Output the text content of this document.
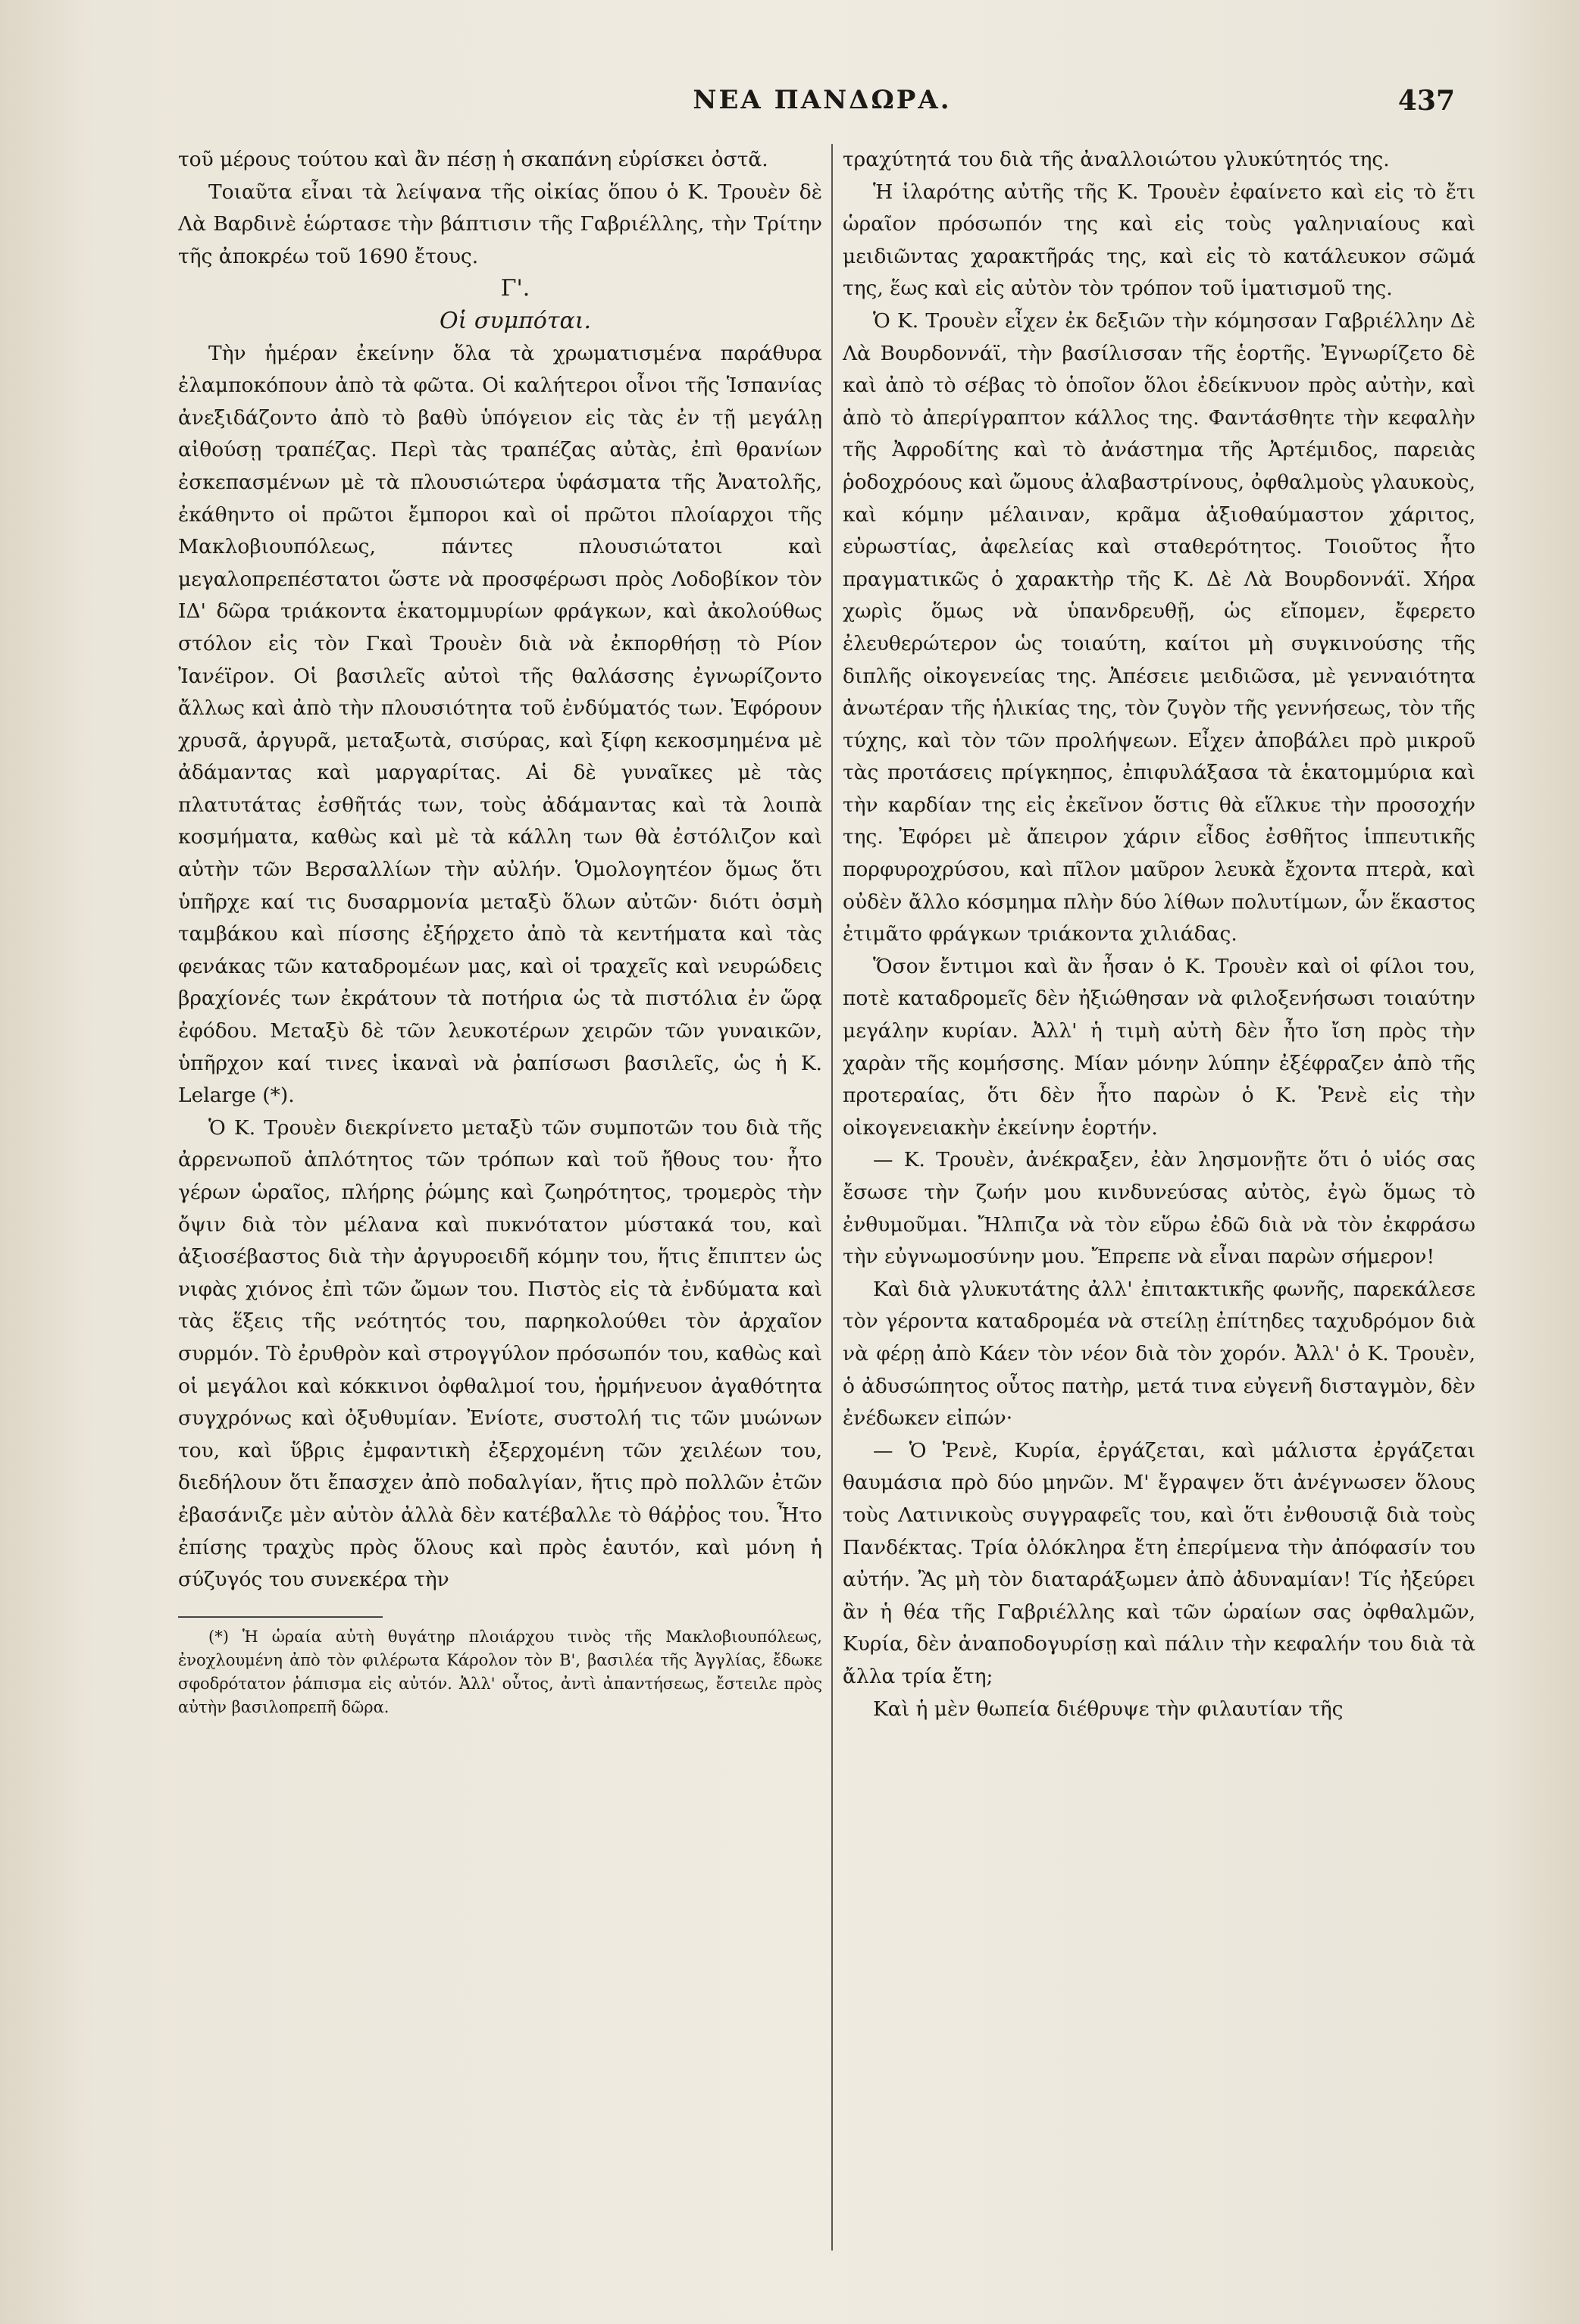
ΝΕΑ ΠΑΝΔΩΡΑ.	437

τοῦ μέρους τούτου καὶ ἂν πέσῃ ἡ σκαπάνη εὑρίσκει ὀστᾶ.

Τοιαῦτα εἶναι τὰ λείψανα τῆς οἰκίας ὅπου ὁ Κ. Τρουὲν δὲ Λὰ Βαρδινὲ ἑώρτασε τὴν βάπτισιν τῆς Γαβριέλλης, τὴν Τρίτην τῆς ἀποκρέω τοῦ 1690 ἔτους.

Γ'.

Οἱ συμπόται.

Τὴν ἡμέραν ἐκείνην ὅλα τὰ χρωματισμένα παράθυρα ἐλαμποκόπουν ἀπὸ τὰ φῶτα. Οἱ καλήτεροι οἶνοι τῆς Ἱσπανίας ἀνεξιδάζοντο ἀπὸ τὸ βαθὺ ὑπόγειον εἰς τὰς ἐν τῇ μεγάλῃ αἰθούσῃ τραπέζας. Περὶ τὰς τραπέζας αὐτὰς, ἐπὶ θρανίων ἐσκεπασμένων μὲ τὰ πλουσιώτερα ὑφάσματα τῆς Ἀνατολῆς, ἐκάθηντο οἱ πρῶτοι ἔμποροι καὶ οἱ πρῶτοι πλοίαρχοι τῆς Μακλοβιουπόλεως, πάντες πλουσιώτατοι καὶ μεγαλοπρεπέστατοι ὥστε νὰ προσφέρωσι πρὸς Λοδοβίκον τὸν ΙΔ' δῶρα τριάκοντα ἑκατομμυρίων φράγκων, καὶ ἀκολούθως στόλον εἰς τὸν Γκαὶ Τρουὲν διὰ νὰ ἐκπορθήσῃ τὸ Ρίον Ἰανέϊρον. Οἱ βασιλεῖς αὐτοὶ τῆς θαλάσσης ἐγνωρίζοντο ἄλλως καὶ ἀπὸ τὴν πλουσιότητα τοῦ ἐνδύματός των. Ἐφόρουν χρυσᾶ, ἀργυρᾶ, μεταξωτὰ, σισύρας, καὶ ξίφη κεκοσμημένα μὲ ἀδάμαντας καὶ μαργαρίτας. Αἱ δὲ γυναῖκες μὲ τὰς πλατυτάτας ἐσθῆτάς των, τοὺς ἀδάμαντας καὶ τὰ λοιπὰ κοσμήματα, καθὼς καὶ μὲ τὰ κάλλη των θὰ ἐστόλιζον καὶ αὐτὴν τῶν Βερσαλλίων τὴν αὐλήν. Ὁμολογητέον ὅμως ὅτι ὑπῆρχε καί τις δυσαρμονία μεταξὺ ὅλων αὐτῶν· διότι ὀσμὴ ταμβάκου καὶ πίσσης ἐξήρχετο ἀπὸ τὰ κεντήματα καὶ τὰς φενάκας τῶν καταδρομέων μας, καὶ οἱ τραχεῖς καὶ νευρώδεις βραχίονές των ἐκράτουν τὰ ποτήρια ὡς τὰ πιστόλια ἐν ὥρᾳ ἐφόδου. Μεταξὺ δὲ τῶν λευκοτέρων χειρῶν τῶν γυναικῶν, ὑπῆρχον καί τινες ἱκαναὶ νὰ ῥαπίσωσι βασιλεῖς, ὡς ἡ Κ. Lelarge (*).

Ὁ Κ. Τρουὲν διεκρίνετο μεταξὺ τῶν συμποτῶν του διὰ τῆς ἀρρενωποῦ ἁπλότητος τῶν τρόπων καὶ τοῦ ἤθους του· ἦτο γέρων ὡραῖος, πλήρης ῥώμης καὶ ζωηρότητος, τρομερὸς τὴν ὄψιν διὰ τὸν μέλανα καὶ πυκνότατον μύστακά του, καὶ ἀξιοσέβαστος διὰ τὴν ἀργυροειδῆ κόμην του, ἥτις ἔπιπτεν ὡς νιφὰς χιόνος ἐπὶ τῶν ὤμων του. Πιστὸς εἰς τὰ ἐνδύματα καὶ τὰς ἕξεις τῆς νεότητός του, παρηκολούθει τὸν ἀρχαῖον συρμόν. Τὸ ἐρυθρὸν καὶ στρογγύλον πρόσωπόν του, καθὼς καὶ οἱ μεγάλοι καὶ κόκκινοι ὀφθαλμοί του, ἡρμήνευον ἀγαθότητα συγχρόνως καὶ ὀξυθυμίαν. Ἐνίοτε, συστολή τις τῶν μυώνων του, καὶ ὕβρις ἐμφαντικὴ ἐξερχομένη τῶν χειλέων του, διεδήλουν ὅτι ἔπασχεν ἀπὸ ποδαλγίαν, ἥτις πρὸ πολλῶν ἐτῶν ἐβασάνιζε μὲν αὐτὸν ἀλλὰ δὲν κατέβαλλε τὸ θάῤῥος του. Ἦτο ἐπίσης τραχὺς πρὸς ὅλους καὶ πρὸς ἑαυτόν, καὶ μόνη ἡ σύζυγός του συνεκέρα τὴν

(*) Ἡ ὡραία αὐτὴ θυγάτηρ πλοιάρχου τινὸς τῆς Μακλοβιουπόλεως, ἐνοχλουμένη ἀπὸ τὸν φιλέρωτα Κάρολον τὸν Β', βασιλέα τῆς Ἀγγλίας, ἔδωκε σφοδρότατον ῥάπισμα εἰς αὐτόν. Ἀλλ' οὗτος, ἀντὶ ἀπαντήσεως, ἔστειλε πρὸς αὐτὴν βασιλοπρεπῆ δῶρα.

τραχύτητά του διὰ τῆς ἀναλλοιώτου γλυκύτητός της.

Ἡ ἱλαρότης αὐτῆς τῆς Κ. Τρουὲν ἐφαίνετο καὶ εἰς τὸ ἔτι ὡραῖον πρόσωπόν της καὶ εἰς τοὺς γαληνιαίους καὶ μειδιῶντας χαρακτῆράς της, καὶ εἰς τὸ κατάλευκον σῶμά της, ἕως καὶ εἰς αὐτὸν τὸν τρόπον τοῦ ἱματισμοῦ της.

Ὁ Κ. Τρουὲν εἶχεν ἐκ δεξιῶν τὴν κόμησσαν Γαβριέλλην Δὲ Λὰ Βουρδοννάϊ, τὴν βασίλισσαν τῆς ἑορτῆς. Ἐγνωρίζετο δὲ καὶ ἀπὸ τὸ σέβας τὸ ὁποῖον ὅλοι ἐδείκνυον πρὸς αὐτὴν, καὶ ἀπὸ τὸ ἀπερίγραπτον κάλλος της. Φαντάσθητε τὴν κεφαλὴν τῆς Ἀφροδίτης καὶ τὸ ἀνάστημα τῆς Ἀρτέμιδος, παρειὰς ῥοδοχρόους καὶ ὤμους ἀλαβαστρίνους, ὀφθαλμοὺς γλαυκοὺς, καὶ κόμην μέλαιναν, κρᾶμα ἀξιοθαύμαστον χάριτος, εὐρωστίας, ἀφελείας καὶ σταθερότητος. Τοιοῦτος ἦτο πραγματικῶς ὁ χαρακτὴρ τῆς Κ. Δὲ Λὰ Βουρδοννάϊ. Χήρα χωρὶς ὅμως νὰ ὑπανδρευθῇ, ὡς εἴπομεν, ἔφερετο ἐλευθερώτερον ὡς τοιαύτη, καίτοι μὴ συγκινούσης τῆς διπλῆς οἰκογενείας της. Ἀπέσειε μειδιῶσα, μὲ γενναιότητα ἀνωτέραν τῆς ἡλικίας της, τὸν ζυγὸν τῆς γεννήσεως, τὸν τῆς τύχης, καὶ τὸν τῶν προλήψεων. Εἶχεν ἀποβάλει πρὸ μικροῦ τὰς προτάσεις πρίγκηπος, ἐπιφυλάξασα τὰ ἑκατομμύρια καὶ τὴν καρδίαν της εἰς ἐκεῖνον ὅστις θὰ εἵλκυε τὴν προσοχήν της. Ἐφόρει μὲ ἄπειρον χάριν εἶδος ἐσθῆτος ἱππευτικῆς πορφυροχρύσου, καὶ πῖλον μαῦρον λευκὰ ἔχοντα πτερὰ, καὶ οὐδὲν ἄλλο κόσμημα πλὴν δύο λίθων πολυτίμων, ὧν ἕκαστος ἐτιμᾶτο φράγκων τριάκοντα χιλιάδας.

Ὅσον ἔντιμοι καὶ ἂν ἦσαν ὁ Κ. Τρουὲν καὶ οἱ φίλοι του, ποτὲ καταδρομεῖς δὲν ἠξιώθησαν νὰ φιλοξενήσωσι τοιαύτην μεγάλην κυρίαν. Ἀλλ' ἡ τιμὴ αὐτὴ δὲν ἦτο ἴση πρὸς τὴν χαρὰν τῆς κομήσσης. Μίαν μόνην λύπην ἐξέφραζεν ἀπὸ τῆς προτεραίας, ὅτι δὲν ἦτο παρὼν ὁ Κ. Ῥενὲ εἰς τὴν οἰκογενειακὴν ἐκείνην ἑορτήν.

— Κ. Τρουὲν, ἀνέκραξεν, ἐὰν λησμονῇτε ὅτι ὁ υἱός σας ἔσωσε τὴν ζωήν μου κινδυνεύσας αὐτὸς, ἐγὼ ὅμως τὸ ἐνθυμοῦμαι. Ἤλπιζα νὰ τὸν εὕρω ἐδῶ διὰ νὰ τὸν ἐκφράσω τὴν εὐγνωμοσύνην μου. Ἔπρεπε νὰ εἶναι παρὼν σήμερον!

Καὶ διὰ γλυκυτάτης ἀλλ' ἐπιτακτικῆς φωνῆς, παρεκάλεσε τὸν γέροντα καταδρομέα νὰ στείλῃ ἐπίτηδες ταχυδρόμον διὰ νὰ φέρῃ ἀπὸ Κάεν τὸν νέον διὰ τὸν χορόν. Ἀλλ' ὁ Κ. Τρουὲν, ὁ ἀδυσώπητος οὗτος πατὴρ, μετά τινα εὐγενῆ δισταγμὸν, δὲν ἐνέδωκεν εἰπών·

— Ὁ Ῥενὲ, Κυρία, ἐργάζεται, καὶ μάλιστα ἐργάζεται θαυμάσια πρὸ δύο μηνῶν. Μ' ἔγραψεν ὅτι ἀνέγνωσεν ὅλους τοὺς Λατινικοὺς συγγραφεῖς του, καὶ ὅτι ἐνθουσιᾷ διὰ τοὺς Πανδέκτας. Τρία ὁλόκληρα ἔτη ἐπερίμενα τὴν ἀπόφασίν του αὐτήν. Ἂς μὴ τὸν διαταράξωμεν ἀπὸ ἀδυναμίαν! Τίς ἠξεύρει ἂν ἡ θέα τῆς Γαβριέλλης καὶ τῶν ὡραίων σας ὀφθαλμῶν, Κυρία, δὲν ἀναποδογυρίσῃ καὶ πάλιν τὴν κεφαλήν του διὰ τὰ ἄλλα τρία ἔτη;

Καὶ ἡ μὲν θωπεία διέθρυψε τὴν φιλαυτίαν τῆς
